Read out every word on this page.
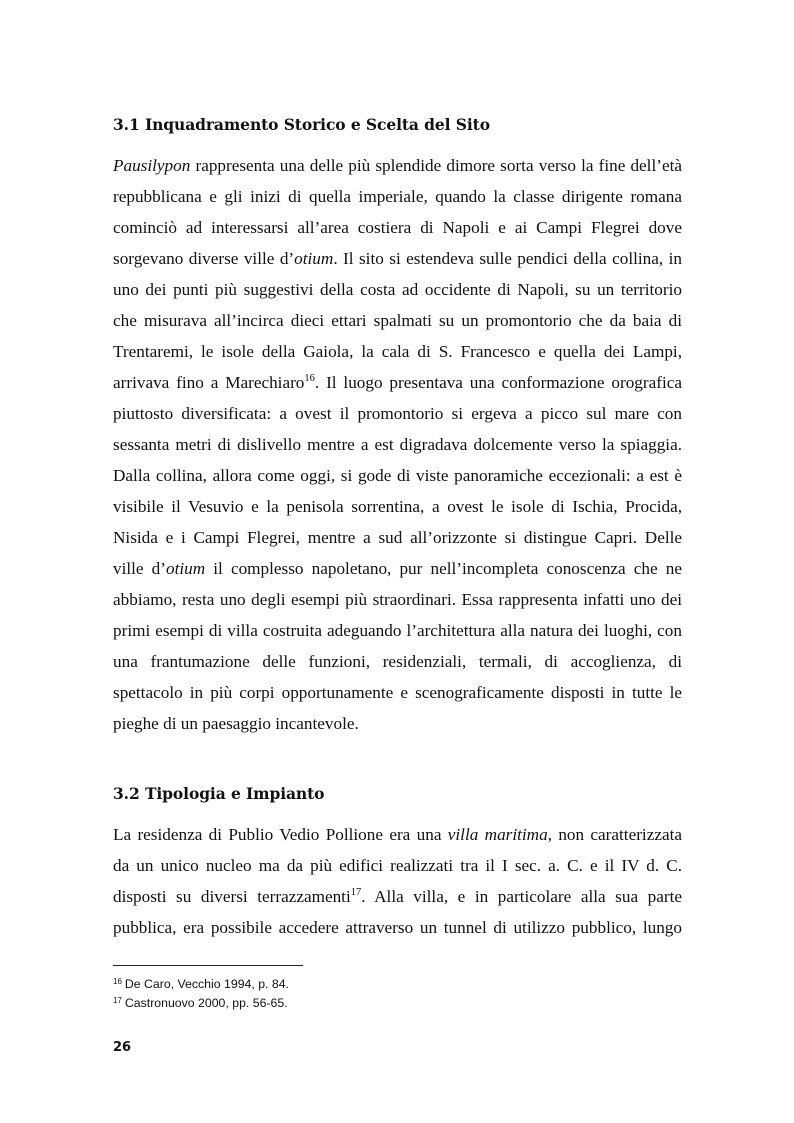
3.1 Inquadramento Storico e Scelta del Sito
Pausilypon rappresenta una delle più splendide dimore sorta verso la fine dell’età
repubblicana e gli inizi di quella imperiale, quando la classe dirigente romana
cominciò ad interessarsi all’area costiera di Napoli e ai Campi Flegrei dove
sorgevano diverse ville d’otium. Il sito si estendeva sulle pendici della collina, in
uno dei punti più suggestivi della costa ad occidente di Napoli, su un territorio
che misurava all’incirca dieci ettari spalmati su un promontorio che da baia di
Trentaremi, le isole della Gaiola, la cala di S. Francesco e quella dei Lampi,
arrivava fino a Marechiaro$^{16}$. Il luogo presentava una conformazione orografica
piuttosto diversificata: a ovest il promontorio si ergeva a picco sul mare con
sessanta metri di dislivello mentre a est digradava dolcemente verso la spiaggia.
Dalla collina, allora come oggi, si gode di viste panoramiche eccezionali: a est è
visibile il Vesuvio e la penisola sorrentina, a ovest le isole di Ischia, Procida,
Nisida e i Campi Flegrei, mentre a sud all’orizzonte si distingue Capri. Delle
ville d’otium il complesso napoletano, pur nell’incompleta conoscenza che ne
abbiamo, resta uno degli esempi più straordinari. Essa rappresenta infatti uno dei
primi esempi di villa costruita adeguando l’architettura alla natura dei luoghi, con
una frantumazione delle funzioni, residenziali, termali, di accoglienza, di
spettacolo in più corpi opportunamente e scenograficamente disposti in tutte le
pieghe di un paesaggio incantevole.
3.2 Tipologia e Impianto
La residenza di Publio Vedio Pollione era una villa maritima, non caratterizzata
da un unico nucleo ma da più edifici realizzati tra il I sec. a. C. e il IV d. C.
disposti su diversi terrazzamenti$^{17}$. Alla villa, e in particolare alla sua parte
pubblica, era possibile accedere attraverso un tunnel di utilizzo pubblico, lungo
$^{16}$ De Caro, Vecchio 1994, p. 84.
$^{17}$ Castronuovo 2000, pp. 56-65.
26
